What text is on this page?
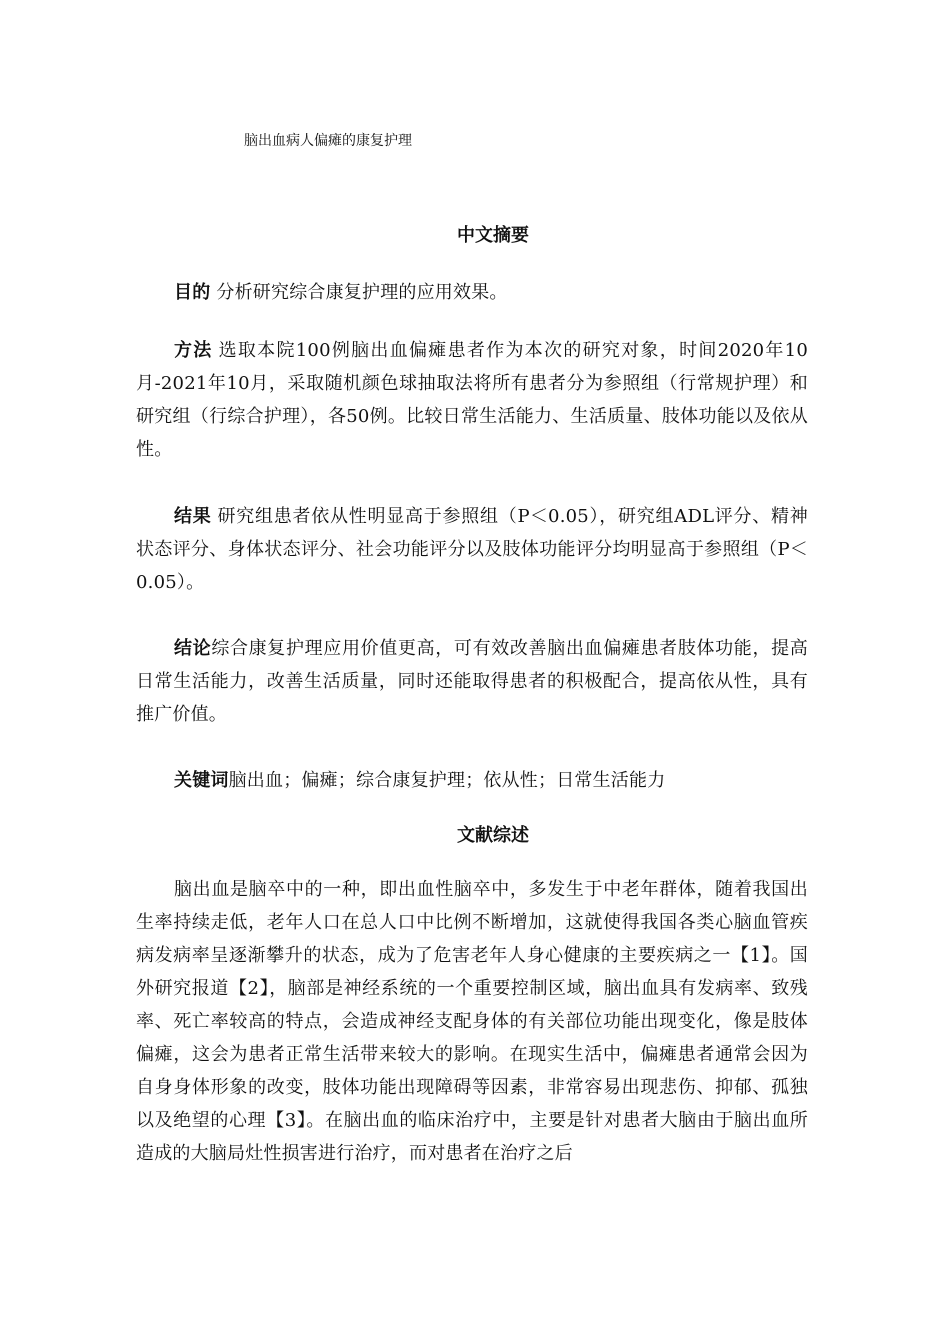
脑出血病人偏瘫的康复护理
中文摘要
目的 分析研究综合康复护理的应用效果。
方法 选取本院100例脑出血偏瘫患者作为本次的研究对象，时间2020年10月-2021年10月，采取随机颜色球抽取法将所有患者分为参照组（行常规护理）和研究组（行综合护理），各50例。比较日常生活能力、生活质量、肢体功能以及依从性。
结果 研究组患者依从性明显高于参照组（P＜0.05），研究组ADL评分、精神状态评分、身体状态评分、社会功能评分以及肢体功能评分均明显高于参照组（P＜0.05）。
结论综合康复护理应用价值更高，可有效改善脑出血偏瘫患者肢体功能，提高日常生活能力，改善生活质量，同时还能取得患者的积极配合，提高依从性，具有推广价值。
关键词脑出血；偏瘫；综合康复护理；依从性；日常生活能力
文献综述
脑出血是脑卒中的一种，即出血性脑卒中，多发生于中老年群体，随着我国出生率持续走低，老年人口在总人口中比例不断增加，这就使得我国各类心脑血管疾病发病率呈逐渐攀升的状态，成为了危害老年人身心健康的主要疾病之一【1】。国外研究报道【2】，脑部是神经系统的一个重要控制区域，脑出血具有发病率、致残率、死亡率较高的特点，会造成神经支配身体的有关部位功能出现变化，像是肢体偏瘫，这会为患者正常生活带来较大的影响。在现实生活中，偏瘫患者通常会因为自身身体形象的改变，肢体功能出现障碍等因素，非常容易出现悲伤、抑郁、孤独以及绝望的心理【3】。在脑出血的临床治疗中，主要是针对患者大脑由于脑出血所造成的大脑局灶性损害进行治疗，而对患者在治疗之后
